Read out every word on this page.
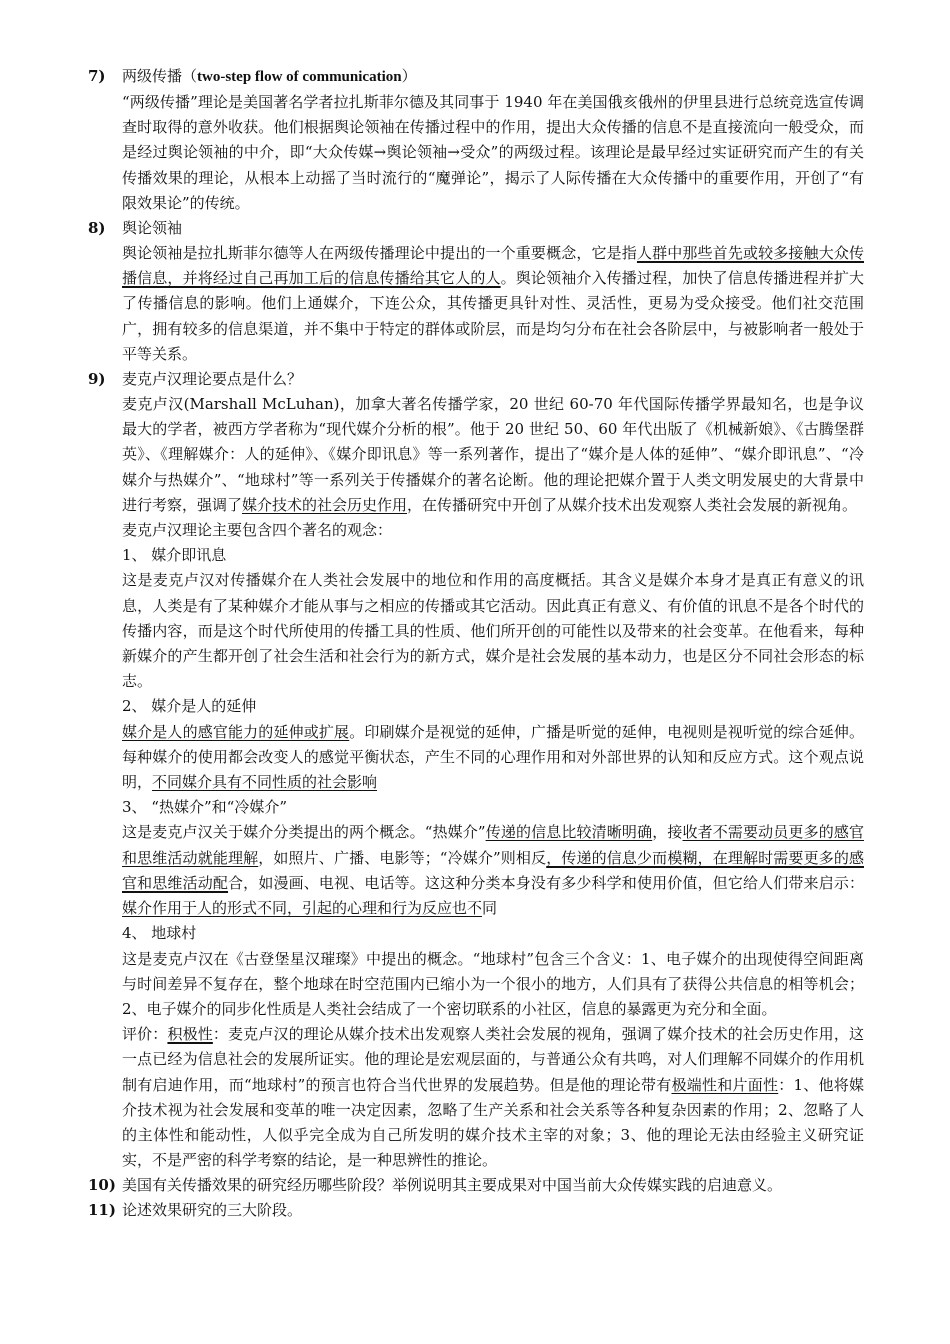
7)	两级传播（two-step flow of communication）
“两级传播”理论是美国著名学者拉扎斯菲尔德及其同事于 1940 年在美国俄亥俄州的伊里县进行总统竞选宣传调查时取得的意外收获。他们根据舆论领袖在传播过程中的作用，提出大众传播的信息不是直接流向一般受众，而是经过舆论领袖的中介，即“大众传媒→舆论领袖→受众”的两级过程。该理论是最早经过实证研究而产生的有关传播效果的理论，从根本上动摇了当时流行的“魔弹论”，揭示了人际传播在大众传播中的重要作用，开创了“有限效果论”的传统。
8)	舆论领袖
舆论领袖是拉扎斯菲尔德等人在两级传播理论中提出的一个重要概念，它是指人群中那些首先或较多接触大众传播信息，并将经过自己再加工后的信息传播给其它人的人。舆论领袖介入传播过程，加快了信息传播进程并扩大了传播信息的影响。他们上通媒介，下连公众，其传播更具针对性、灵活性，更易为受众接受。他们社交范围广，拥有较多的信息渠道，并不集中于特定的群体或阶层，而是均匀分布在社会各阶层中，与被影响者一般处于平等关系。
9)	麦克卢汉理论要点是什么？
麦克卢汉(Marshall McLuhan)，加拿大著名传播学家，20 世纪 60-70 年代国际传播学界最知名，也是争议最大的学者，被西方学者称为“现代媒介分析的根”。他于 20 世纪 50、60 年代出版了《机械新娘》、《古腾堡群英》、《理解媒介：人的延伸》、《媒介即讯息》等一系列著作，提出了“媒介是人体的延伸”、“媒介即讯息”、“冷媒介与热媒介”、“地球村”等一系列关于传播媒介的著名论断。他的理论把媒介置于人类文明发展史的大背景中进行考察，强调了媒介技术的社会历史作用，在传播研究中开创了从媒介技术出发观察人类社会发展的新视角。
麦克卢汉理论主要包含四个著名的观念：
1、 媒介即讯息
这是麦克卢汉对传播媒介在人类社会发展中的地位和作用的高度概括。其含义是媒介本身才是真正有意义的讯息，人类是有了某种媒介才能从事与之相应的传播或其它活动。因此真正有意义、有价值的讯息不是各个时代的传播内容，而是这个时代所使用的传播工具的性质、他们所开创的可能性以及带来的社会变革。在他看来，每种新媒介的产生都开创了社会生活和社会行为的新方式，媒介是社会发展的基本动力，也是区分不同社会形态的标志。
2、 媒介是人的延伸
媒介是人的感官能力的延伸或扩展。印刷媒介是视觉的延伸，广播是听觉的延伸，电视则是视听觉的综合延伸。每种媒介的使用都会改变人的感觉平衡状态，产生不同的心理作用和对外部世界的认知和反应方式。这个观点说明，不同媒介具有不同性质的社会影响
3、 “热媒介”和“冷媒介”
这是麦克卢汉关于媒介分类提出的两个概念。“热媒介”传递的信息比较清晰明确，接收者不需要动员更多的感官和思维活动就能理解，如照片、广播、电影等；“冷媒介”则相反，传递的信息少而模糊，在理解时需要更多的感官和思维活动配合，如漫画、电视、电话等。这这种分类本身没有多少科学和使用价值，但它给人们带来启示：媒介作用于人的形式不同，引起的心理和行为反应也不同
4、 地球村
这是麦克卢汉在《古登堡星汉璀璨》中提出的概念。“地球村”包含三个含义：1、电子媒介的出现使得空间距离与时间差异不复存在，整个地球在时空范围内已缩小为一个很小的地方，人们具有了获得公共信息的相等机会；2、电子媒介的同步化性质是人类社会结成了一个密切联系的小社区，信息的暴露更为充分和全面。
评价：积极性：麦克卢汉的理论从媒介技术出发观察人类社会发展的视角，强调了媒介技术的社会历史作用，这一点已经为信息社会的发展所证实。他的理论是宏观层面的，与普通公众有共鸣，对人们理解不同媒介的作用机制有启迪作用，而“地球村”的预言也符合当代世界的发展趋势。但是他的理论带有极端性和片面性：1、他将媒介技术视为社会发展和变革的唯一决定因素，忽略了生产关系和社会关系等各种复杂因素的作用；2、忽略了人的主体性和能动性，人似乎完全成为自己所发明的媒介技术主宰的对象；3、他的理论无法由经验主义研究证实，不是严密的科学考察的结论，是一种思辨性的推论。
10) 美国有关传播效果的研究经历哪些阶段？举例说明其主要成果对中国当前大众传媒实践的启迪意义。
11) 论述效果研究的三大阶段。
